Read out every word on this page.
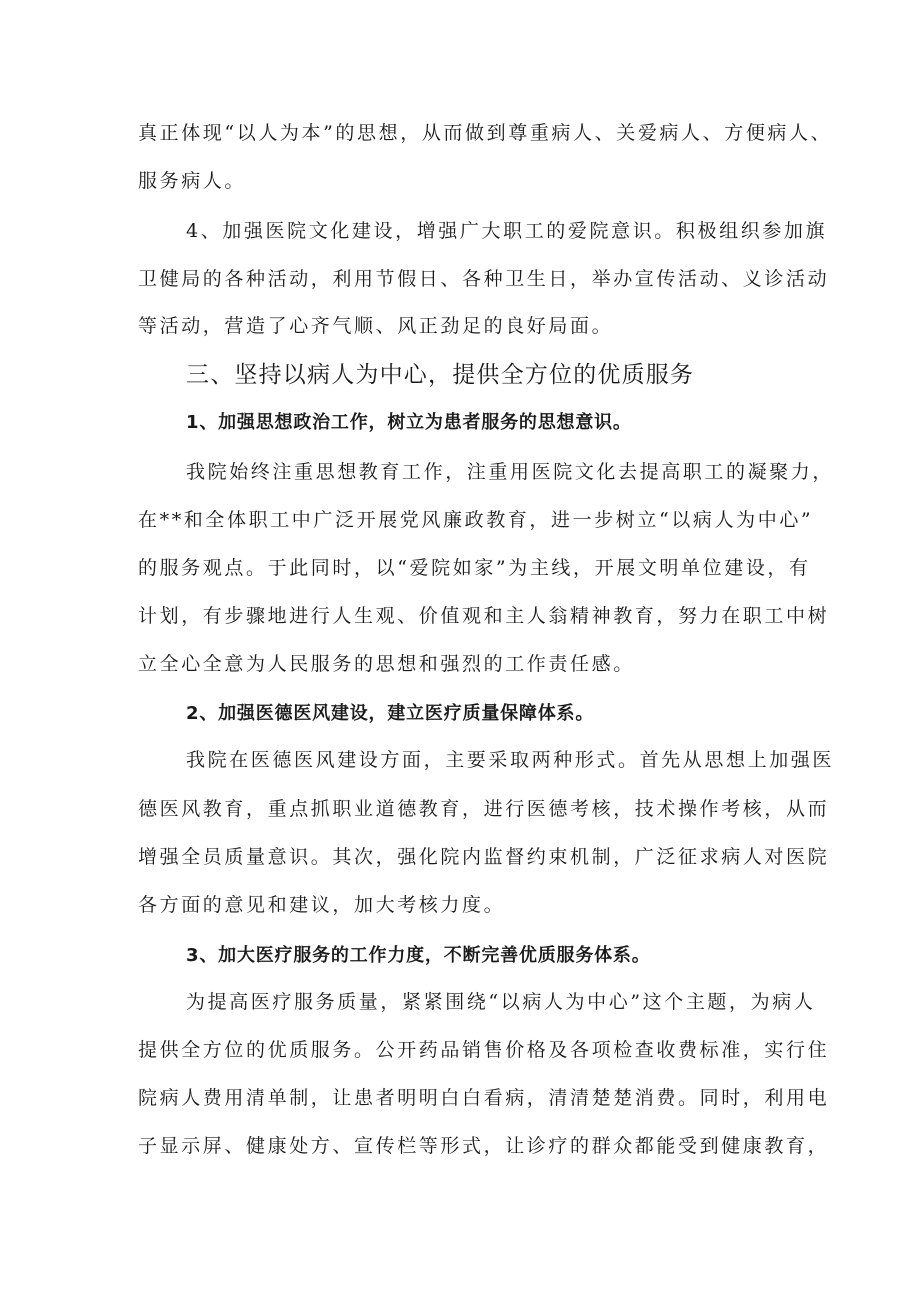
真正体现“以人为本”的思想，从而做到尊重病人、关爱病人、方便病人、
服务病人。
4、加强医院文化建设，增强广大职工的爱院意识。积极组织参加旗
卫健局的各种活动，利用节假日、各种卫生日，举办宣传活动、义诊活动
等活动，营造了心齐气顺、风正劲足的良好局面。
三、坚持以病人为中心，提供全方位的优质服务
1、加强思想政治工作，树立为患者服务的思想意识。
我院始终注重思想教育工作，注重用医院文化去提高职工的凝聚力，
在**和全体职工中广泛开展党风廉政教育，进一步树立“以病人为中心”
的服务观点。于此同时，以“爱院如家”为主线，开展文明单位建设，有
计划，有步骤地进行人生观、价值观和主人翁精神教育，努力在职工中树
立全心全意为人民服务的思想和强烈的工作责任感。
2、加强医德医风建设，建立医疗质量保障体系。
我院在医德医风建设方面，主要采取两种形式。首先从思想上加强医
德医风教育，重点抓职业道德教育，进行医德考核，技术操作考核，从而
增强全员质量意识。其次，强化院内监督约束机制，广泛征求病人对医院
各方面的意见和建议，加大考核力度。
3、加大医疗服务的工作力度，不断完善优质服务体系。
为提高医疗服务质量，紧紧围绕“以病人为中心”这个主题，为病人
提供全方位的优质服务。公开药品销售价格及各项检查收费标准，实行住
院病人费用清单制，让患者明明白白看病，清清楚楚消费。同时，利用电
子显示屏、健康处方、宣传栏等形式，让诊疗的群众都能受到健康教育，
